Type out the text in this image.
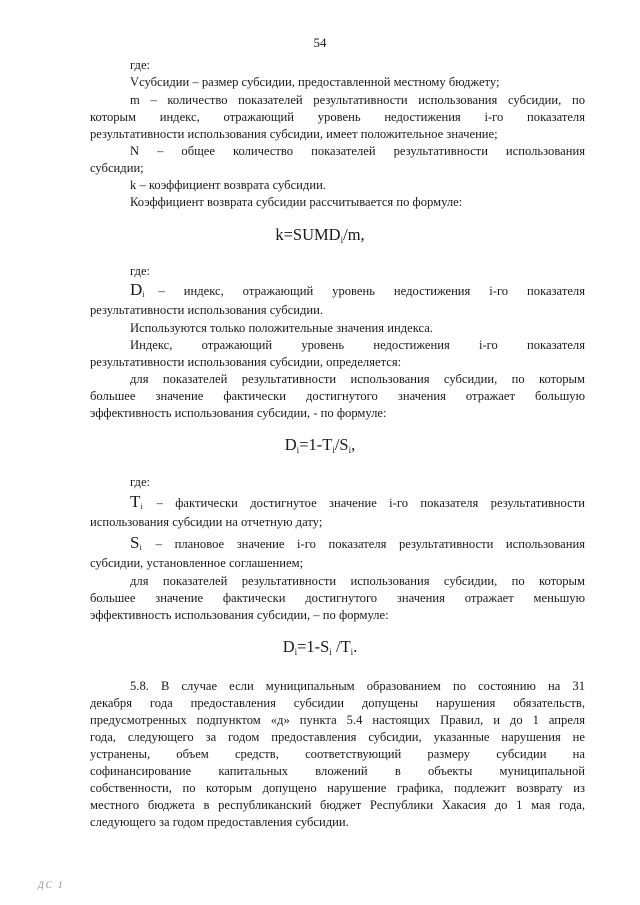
54
где:
Vсубсидии – размер субсидии, предоставленной местному бюджету;
m – количество показателей результативности использования субсидии, по
которым индекс, отражающий уровень недостижения i-го показателя
результативности использования субсидии, имеет положительное значение;
N – общее количество показателей результативности использования
субсидии;
k – коэффициент возврата субсидии.
Коэффициент возврата субсидии рассчитывается по формуле:
$k=SUMD_i/m$,
где:
$D_i$ – индекс, отражающий уровень недостижения i-го показателя
результативности использования субсидии.
Используются только положительные значения индекса.
Индекс, отражающий уровень недостижения i-го показателя
результативности использования субсидии, определяется:
для показателей результативности использования субсидии, по которым
большее значение фактически достигнутого значения отражает большую
эффективность использования субсидии, - по формуле:
$D_i=1-T_i/S_i$,
где:
$T_i$ – фактически достигнутое значение i-го показателя результативности
использования субсидии на отчетную дату;
$S_i$ – плановое значение i-го показателя результативности использования
субсидии, установленное соглашением;
для показателей результативности использования субсидии, по которым
большее значение фактически достигнутого значения отражает меньшую
эффективность использования субсидии, – по формуле:
$D_i=1-S_i$ $/T_i$.
5.8. В случае если муниципальным образованием по состоянию на 31
декабря года предоставления субсидии допущены нарушения обязательств,
предусмотренных подпунктом «д» пункта 5.4 настоящих Правил, и до 1 апреля
года, следующего за годом предоставления субсидии, указанные нарушения не
устранены, объем средств, соответствующий размеру субсидии на
софинансирование капитальных вложений в объекты муниципальной
собственности, по которым допущено нарушение графика, подлежит возврату из
местного бюджета в республиканский бюджет Республики Хакасия до 1 мая года,
следующего за годом предоставления субсидии.
ДС 1
